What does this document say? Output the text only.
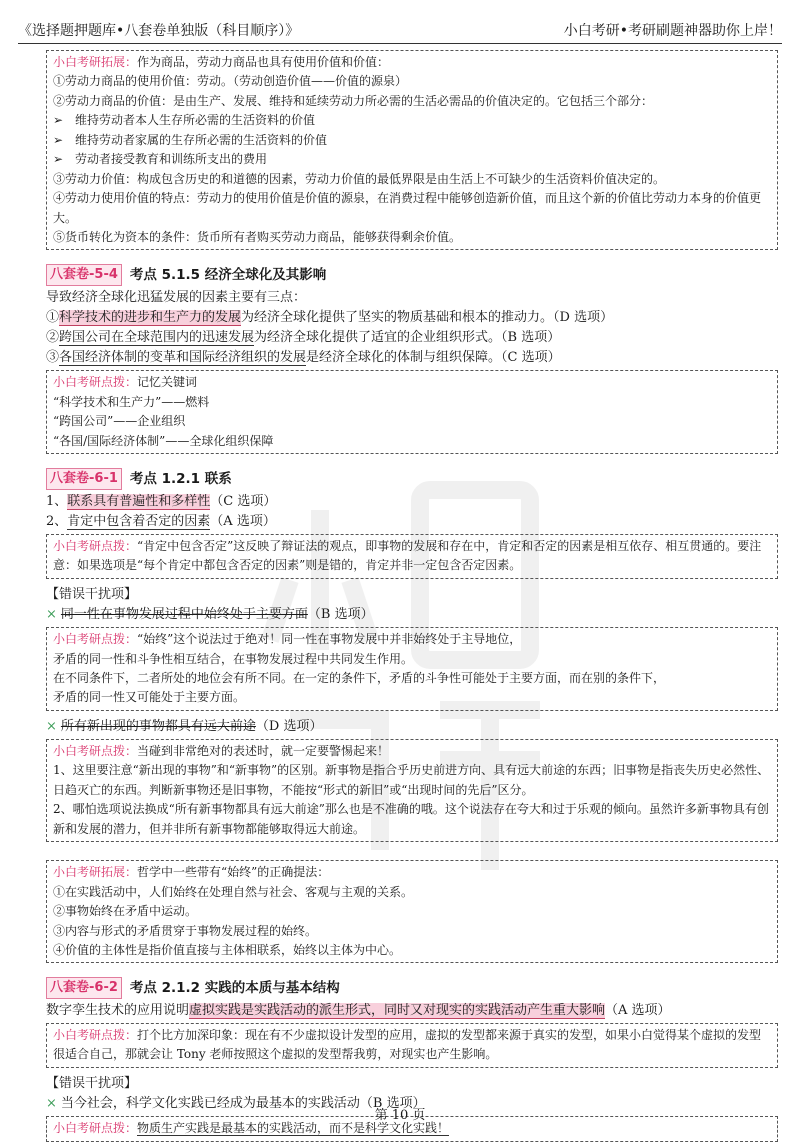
《选择题押题库•八套卷单独版（科目顺序）》	小白考研•考研刷题神器助你上岸！
小白考研拓展：作为商品，劳动力商品也具有使用价值和价值：
①劳动力商品的使用价值：劳动。（劳动创造价值——价值的源泉）
②劳动力商品的价值：是由生产、发展、维持和延续劳动力所必需的生活必需品的价值决定的。它包括三个部分：
➢ 维持劳动者本人生存所必需的生活资料的价值
➢ 维持劳动者家属的生存所必需的生活资料的价值
➢ 劳动者接受教育和训练所支出的费用
③劳动力价值：构成包含历史的和道德的因素，劳动力价值的最低界限是由生活上不可缺少的生活资料价值决定的。
④劳动力使用价值的特点：劳动力的使用价值是价值的源泉，在消费过程中能够创造新价值，而且这个新的价值比劳动力本身的价值更大。
⑤货币转化为资本的条件：货币所有者购买劳动力商品，能够获得剩余价值。
八套卷-5-4 考点 5.1.5 经济全球化及其影响
导致经济全球化迅猛发展的因素主要有三点：
①科学技术的进步和生产力的发展为经济全球化提供了坚实的物质基础和根本的推动力。（D 选项）
②跨国公司在全球范围内的迅速发展为经济全球化提供了适宜的企业组织形式。（B 选项）
③各国经济体制的变革和国际经济组织的发展是经济全球化的体制与组织保障。（C 选项）
小白考研点拨：记忆关键词
“科学技术和生产力”——燃料
“跨国公司”——企业组织
“各国/国际经济体制”——全球化组织保障
八套卷-6-1 考点 1.2.1 联系
1、联系具有普遍性和多样性（C 选项）
2、肯定中包含着否定的因素（A 选项）
小白考研点拨：“肯定中包含否定”这反映了辩证法的观点，即事物的发展和存在中，肯定和否定的因素是相互依存、相互贯通的。要注意：如果选项是“每个肯定中都包含否定的因素”则是错的，肯定并非一定包含否定因素。
【错误干扰项】
× 同一性在事物发展过程中始终处于主要方面（B 选项）
小白考研点拨：“始终”这个说法过于绝对！同一性在事物发展中并非始终处于主导地位，
矛盾的同一性和斗争性相互结合，在事物发展过程中共同发生作用。
在不同条件下，二者所处的地位会有所不同。在一定的条件下，矛盾的斗争性可能处于主要方面，而在别的条件下，
矛盾的同一性又可能处于主要方面。
× 所有新出现的事物都具有远大前途（D 选项）
小白考研点拨：当碰到非常绝对的表述时，就一定要警惕起来！
1、这里要注意“新出现的事物”和“新事物”的区别。新事物是指合乎历史前进方向、具有远大前途的东西；旧事物是指丧失历史必然性、日趋灭亡的东西。判断新事物还是旧事物，不能按“形式的新旧”或“出现时间的先后”区分。
2、哪怕选项说法换成“所有新事物都具有远大前途”那么也是不准确的哦。这个说法存在夸大和过于乐观的倾向。虽然许多新事物具有创新和发展的潜力，但并非所有新事物都能够取得远大前途。
小白考研拓展：哲学中一些带有“始终”的正确提法：
①在实践活动中，人们始终在处理自然与社会、客观与主观的关系。
②事物始终在矛盾中运动。
③内容与形式的矛盾贯穿于事物发展过程的始终。
④价值的主体性是指价值直接与主体相联系，始终以主体为中心。
八套卷-6-2 考点 2.1.2 实践的本质与基本结构
数字孪生技术的应用说明虚拟实践是实践活动的派生形式，同时又对现实的实践活动产生重大影响（A 选项）
小白考研点拨：打个比方加深印象：现在有不少虚拟设计发型的应用，虚拟的发型都来源于真实的发型，如果小白觉得某个虚拟的发型很适合自己，那就会让 Tony 老师按照这个虚拟的发型帮我剪，对现实也产生影响。
【错误干扰项】
× 当今社会，科学文化实践已经成为最基本的实践活动（B 选项）
小白考研点拨：物质生产实践是最基本的实践活动，而不是科学文化实践！
第 10 页
